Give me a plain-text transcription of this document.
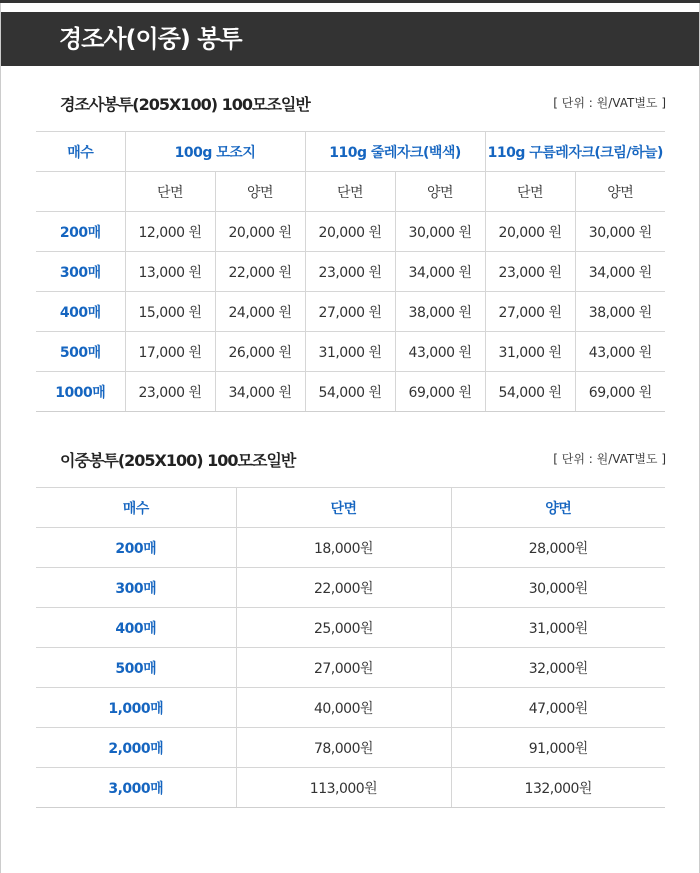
경조사(이중) 봉투
경조사봉투(205X100) 100모조일반	[ 단위 : 원/VAT별도 ]
매수	100g 모조지		110g 줄레자크(백색)		110g 구름레자크(크림/하늘)	
	단면	양면	단면	양면	단면	양면
200매	12,000 원	20,000 원	20,000 원	30,000 원	20,000 원	30,000 원
300매	13,000 원	22,000 원	23,000 원	34,000 원	23,000 원	34,000 원
400매	15,000 원	24,000 원	27,000 원	38,000 원	27,000 원	38,000 원
500매	17,000 원	26,000 원	31,000 원	43,000 원	31,000 원	43,000 원
1000매	23,000 원	34,000 원	54,000 원	69,000 원	54,000 원	69,000 원
이중봉투(205X100) 100모조일반	[ 단위 : 원/VAT별도 ]
매수	단면	양면
200매	18,000원	28,000원
300매	22,000원	30,000원
400매	25,000원	31,000원
500매	27,000원	32,000원
1,000매	40,000원	47,000원
2,000매	78,000원	91,000원
3,000매	113,000원	132,000원
